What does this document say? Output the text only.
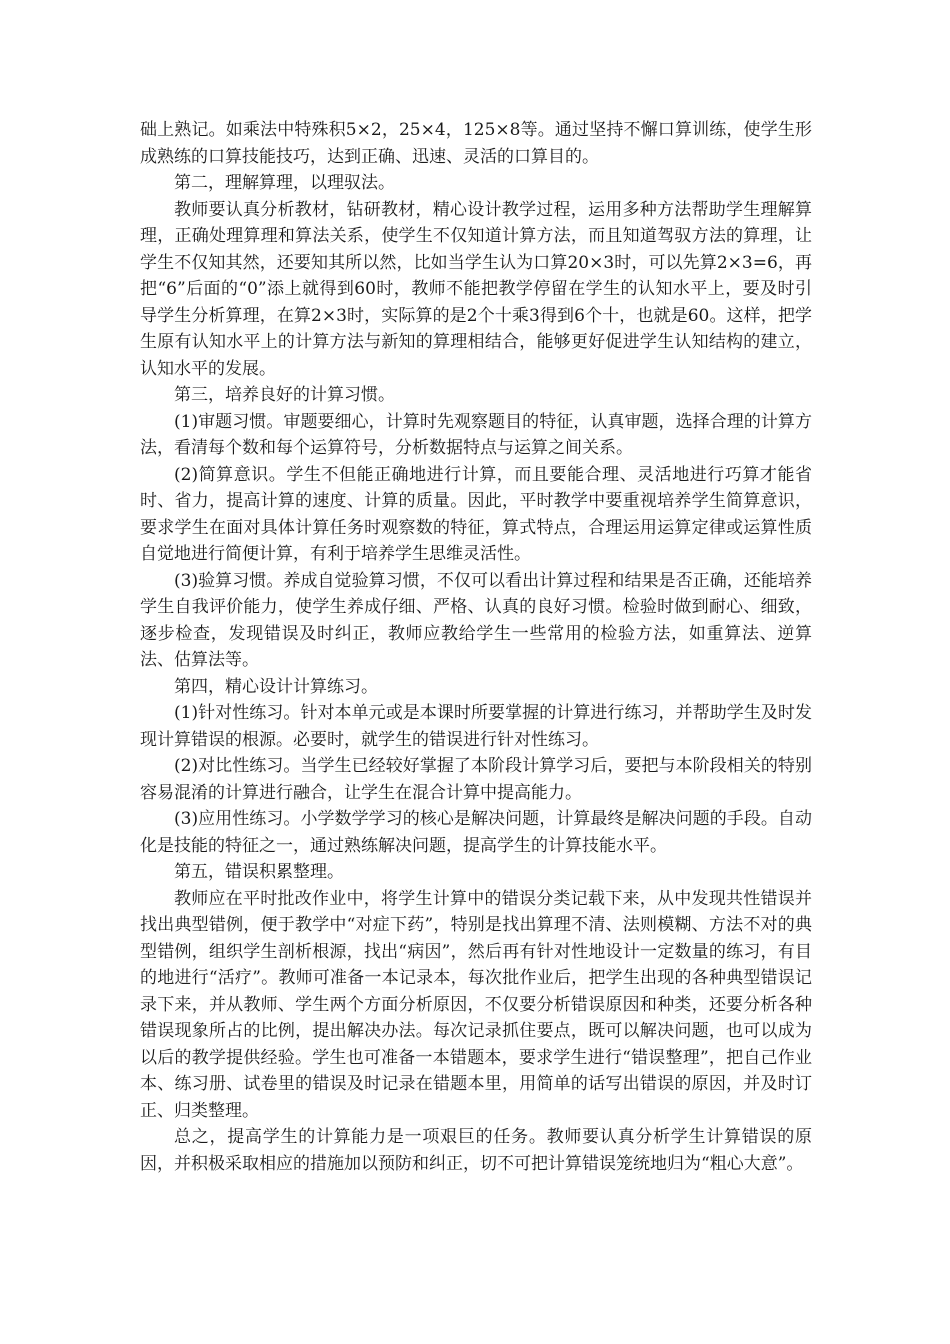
础上熟记。如乘法中特殊积5×2，25×4，125×8等。通过坚持不懈口算训练，使学生形成熟练的口算技能技巧，达到正确、迅速、灵活的口算目的。

第二，理解算理，以理驭法。

教师要认真分析教材，钻研教材，精心设计教学过程，运用多种方法帮助学生理解算理，正确处理算理和算法关系，使学生不仅知道计算方法，而且知道驾驭方法的算理，让学生不仅知其然，还要知其所以然，比如当学生认为口算20×3时，可以先算2×3=6，再把“6”后面的“0”添上就得到60时，教师不能把教学停留在学生的认知水平上，要及时引导学生分析算理，在算2×3时，实际算的是2个十乘3得到6个十，也就是60。这样，把学生原有认知水平上的计算方法与新知的算理相结合，能够更好促进学生认知结构的建立，认知水平的发展。

第三，培养良好的计算习惯。

(1)审题习惯。审题要细心，计算时先观察题目的特征，认真审题，选择合理的计算方法，看清每个数和每个运算符号，分析数据特点与运算之间关系。

(2)简算意识。学生不但能正确地进行计算，而且要能合理、灵活地进行巧算才能省时、省力，提高计算的速度、计算的质量。因此，平时教学中要重视培养学生简算意识，要求学生在面对具体计算任务时观察数的特征，算式特点，合理运用运算定律或运算性质自觉地进行简便计算，有利于培养学生思维灵活性。

(3)验算习惯。养成自觉验算习惯，不仅可以看出计算过程和结果是否正确，还能培养学生自我评价能力，使学生养成仔细、严格、认真的良好习惯。检验时做到耐心、细致，逐步检查，发现错误及时纠正，教师应教给学生一些常用的检验方法，如重算法、逆算法、估算法等。

第四，精心设计计算练习。

(1)针对性练习。针对本单元或是本课时所要掌握的计算进行练习，并帮助学生及时发现计算错误的根源。必要时，就学生的错误进行针对性练习。

(2)对比性练习。当学生已经较好掌握了本阶段计算学习后，要把与本阶段相关的特别容易混淆的计算进行融合，让学生在混合计算中提高能力。

(3)应用性练习。小学数学学习的核心是解决问题，计算最终是解决问题的手段。自动化是技能的特征之一，通过熟练解决问题，提高学生的计算技能水平。

第五，错误积累整理。

教师应在平时批改作业中，将学生计算中的错误分类记载下来，从中发现共性错误并找出典型错例，便于教学中“对症下药”，特别是找出算理不清、法则模糊、方法不对的典型错例，组织学生剖析根源，找出“病因”，然后再有针对性地设计一定数量的练习，有目的地进行“活疗”。教师可准备一本记录本，每次批作业后，把学生出现的各种典型错误记录下来，并从教师、学生两个方面分析原因，不仅要分析错误原因和种类，还要分析各种错误现象所占的比例，提出解决办法。每次记录抓住要点，既可以解决问题，也可以成为以后的教学提供经验。学生也可准备一本错题本，要求学生进行“错误整理”，把自己作业本、练习册、试卷里的错误及时记录在错题本里，用简单的话写出错误的原因，并及时订正、归类整理。

总之，提高学生的计算能力是一项艰巨的任务。教师要认真分析学生计算错误的原因，并积极采取相应的措施加以预防和纠正，切不可把计算错误笼统地归为“粗心大意”。
